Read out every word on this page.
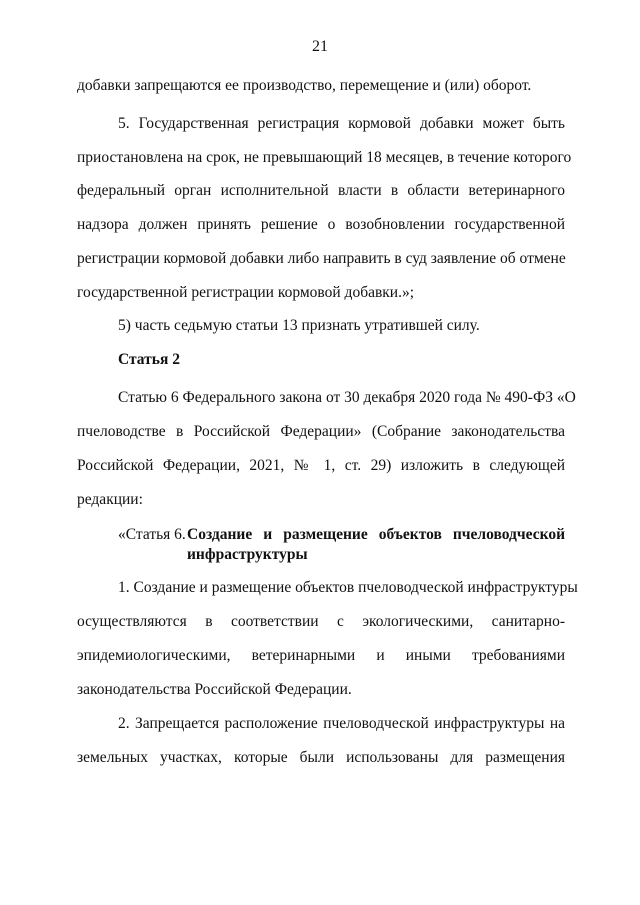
21
добавки запрещаются ее производство, перемещение и (или) оборот.
5. Государственная регистрация кормовой добавки может быть
приостановлена на срок, не превышающий 18 месяцев, в течение которого
федеральный орган исполнительной власти в области ветеринарного
надзора должен принять решение о возобновлении государственной
регистрации кормовой добавки либо направить в суд заявление об отмене
государственной регистрации кормовой добавки.»;
5) часть седьмую статьи 13 признать утратившей силу.
Статья 2
Статью 6 Федерального закона от 30 декабря 2020 года № 490-ФЗ «О
пчеловодстве в Российской Федерации» (Собрание законодательства
Российской Федерации, 2021, № 1, ст. 29) изложить в следующей
редакции:
«Статья 6. Создание и размещение объектов пчеловодческой
инфраструктуры
1. Создание и размещение объектов пчеловодческой инфраструктуры
осуществляются в соответствии с экологическими, санитарно-
эпидемиологическими, ветеринарными и иными требованиями
законодательства Российской Федерации.
2. Запрещается расположение пчеловодческой инфраструктуры на
земельных участках, которые были использованы для размещения
